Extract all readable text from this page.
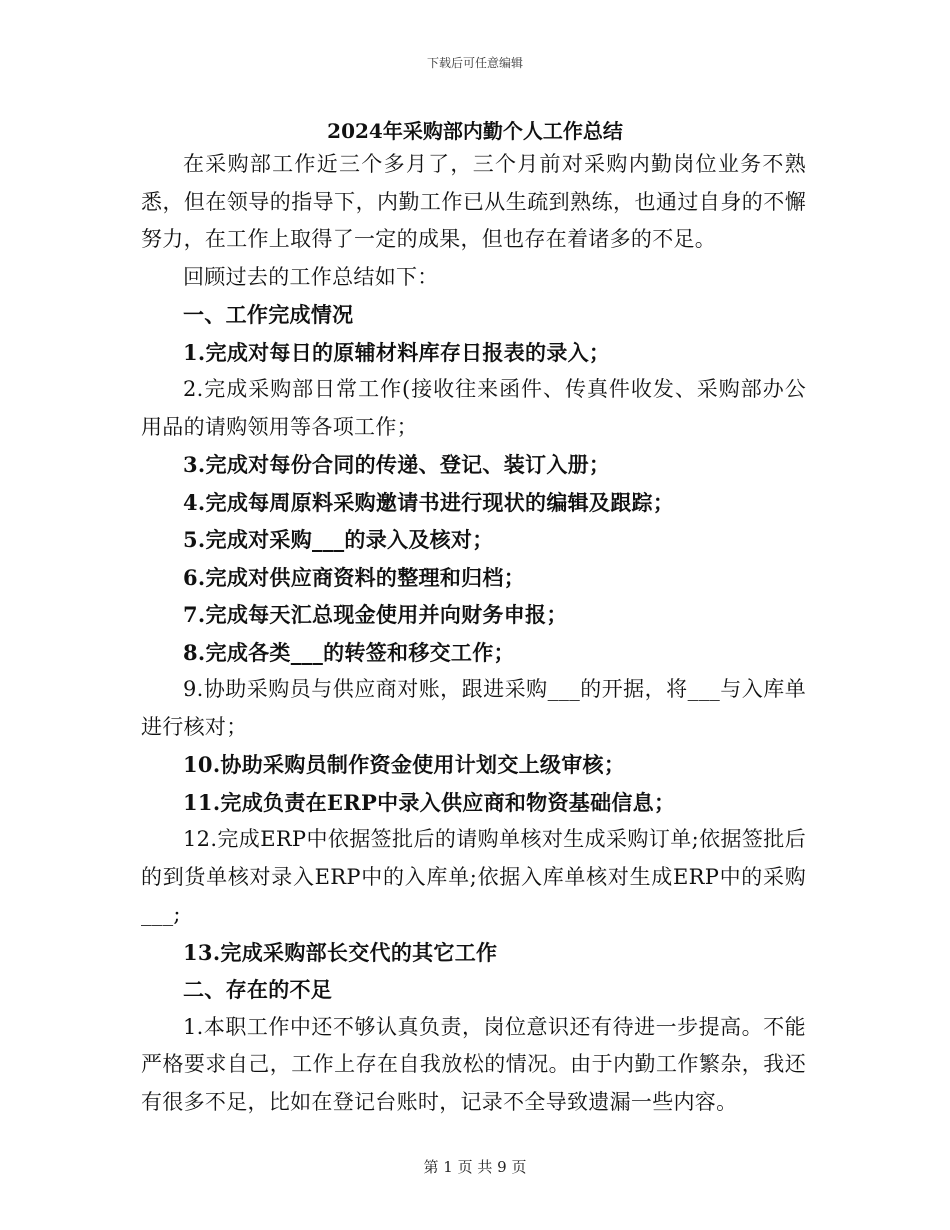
下载后可任意编辑
2024年采购部内勤个人工作总结

在采购部工作近三个多月了，三个月前对采购内勤岗位业务不熟悉，但在领导的指导下，内勤工作已从生疏到熟练，也通过自身的不懈努力，在工作上取得了一定的成果，但也存在着诸多的不足。

回顾过去的工作总结如下：

一、工作完成情况

1.完成对每日的原辅材料库存日报表的录入；

2.完成采购部日常工作(接收往来函件、传真件收发、采购部办公用品的请购领用等各项工作；

3.完成对每份合同的传递、登记、装订入册；

4.完成每周原料采购邀请书进行现状的编辑及跟踪；

5.完成对采购___的录入及核对；

6.完成对供应商资料的整理和归档；

7.完成每天汇总现金使用并向财务申报；

8.完成各类___的转签和移交工作；

9.协助采购员与供应商对账，跟进采购___的开据，将___与入库单进行核对；

10.协助采购员制作资金使用计划交上级审核；

11.完成负责在ERP中录入供应商和物资基础信息；

12.完成ERP中依据签批后的请购单核对生成采购订单;依据签批后的到货单核对录入ERP中的入库单;依据入库单核对生成ERP中的采购___;

13.完成采购部长交代的其它工作

二、存在的不足

1.本职工作中还不够认真负责，岗位意识还有待进一步提高。不能严格要求自己，工作上存在自我放松的情况。由于内勤工作繁杂，我还有很多不足，比如在登记台账时，记录不全导致遗漏一些内容。

第 1 页 共 9 页
